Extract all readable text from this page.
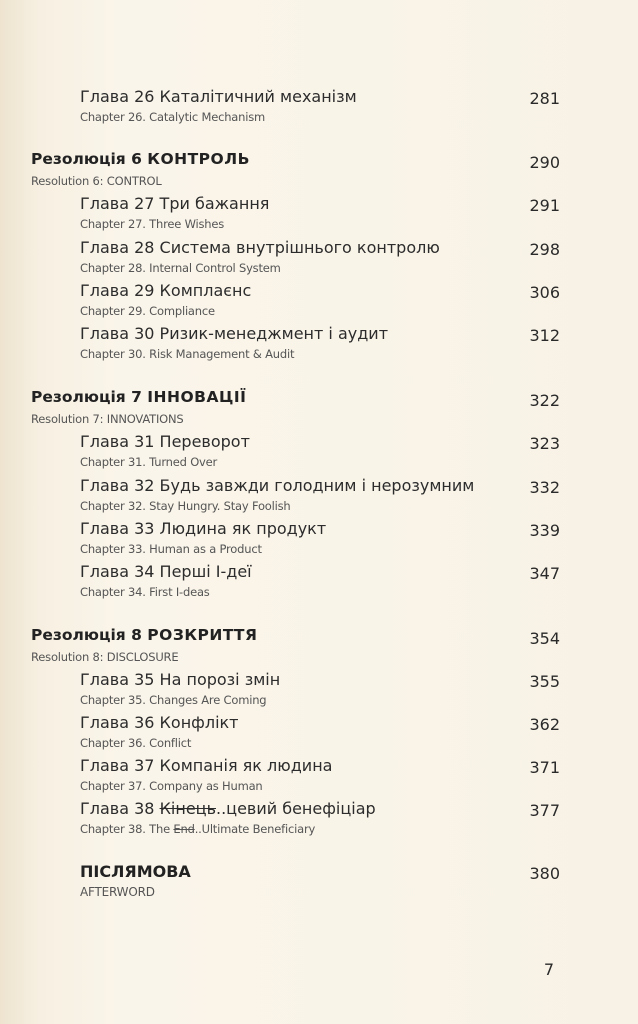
Глава 26 Каталітичний механізм
Chapter 26. Catalytic Mechanism
281
Резолюція 6 КОНТРОЛЬ
Resolution 6: CONTROL
290
Глава 27 Три бажання
Chapter 27. Three Wishes
291
Глава 28 Система внутрішнього контролю
Chapter 28. Internal Control System
298
Глава 29 Комплаєнс
Chapter 29. Compliance
306
Глава 30 Ризик-менеджмент і аудит
Chapter 30. Risk Management & Audit
312
Резолюція 7 ІННОВАЦІЇ
Resolution 7: INNOVATIONS
322
Глава 31 Переворот
Chapter 31. Turned Over
323
Глава 32 Будь завжди голодним і нерозумним
Chapter 32. Stay Hungry. Stay Foolish
332
Глава 33 Людина як продукт
Chapter 33. Human as a Product
339
Глава 34 Перші І-деї
Chapter 34. First I-deas
347
Резолюція 8 РОЗКРИТТЯ
Resolution 8: DISCLOSURE
354
Глава 35 На порозі змін
Chapter 35. Changes Are Coming
355
Глава 36 Конфлікт
Chapter 36. Conflict
362
Глава 37 Компанія як людина
Chapter 37. Company as Human
371
Глава 38 Кінець..цевий бенефіціар
Chapter 38. The End..Ultimate Beneficiary
377
ПІСЛЯМОВА
AFTERWORD
380
7
